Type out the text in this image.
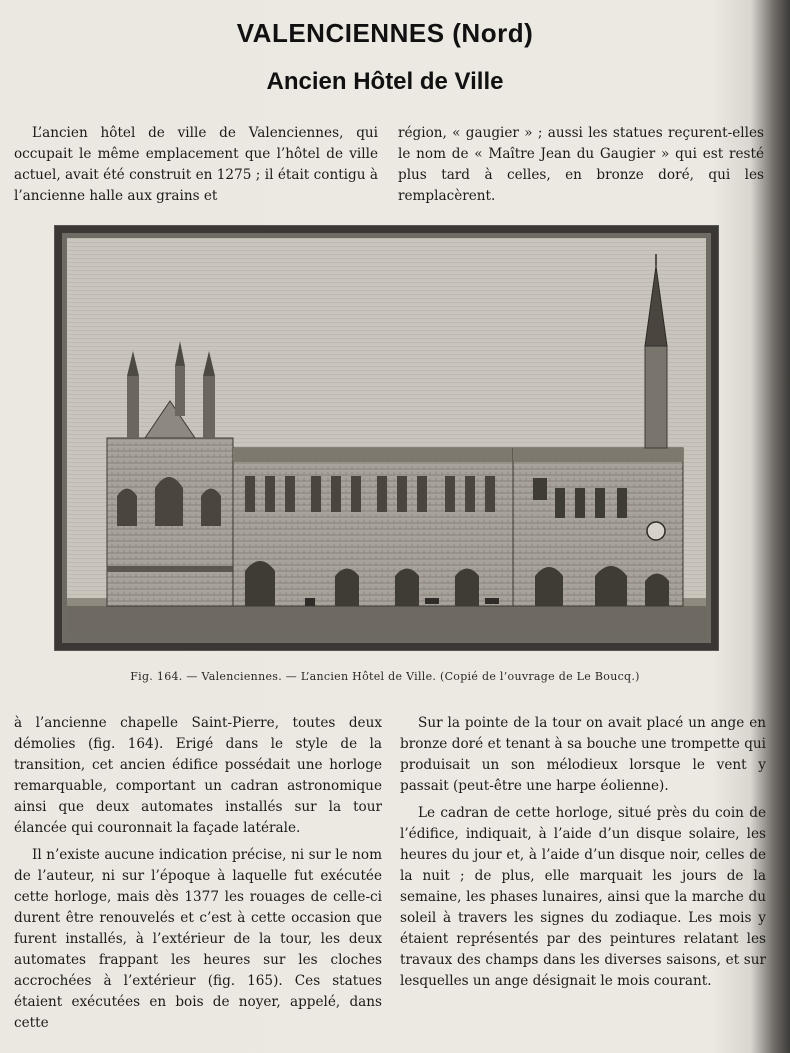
VALENCIENNES (Nord)
Ancien Hôtel de Ville

L’ancien hôtel de ville de Valenciennes, qui occupait le même emplacement que l’hôtel de ville actuel, avait été construit en 1275 ; il était contigu à l’ancienne halle aux grains et

région, « gaugier » ; aussi les statues reçurent-elles le nom de « Maître Jean du Gaugier » qui est resté plus tard à celles, en bronze doré, qui les remplacèrent.

Fig. 164. — Valenciennes. — L’ancien Hôtel de Ville. (Copié de l’ouvrage de Le Boucq.)

à l’ancienne chapelle Saint-Pierre, toutes deux démolies (fig. 164). Erigé dans le style de la transition, cet ancien édifice possédait une horloge remarquable, comportant un cadran astronomique ainsi que deux automates installés sur la tour élancée qui couronnait la façade latérale.

Il n’existe aucune indication précise, ni sur le nom de l’auteur, ni sur l’époque à laquelle fut exécutée cette horloge, mais dès 1377 les rouages de celle-ci durent être renouvelés et c’est à cette occasion que furent installés, à l’extérieur de la tour, les deux automates frappant les heures sur les cloches accrochées à l’extérieur (fig. 165). Ces statues étaient exécutées en bois de noyer, appelé, dans cette

Sur la pointe de la tour on avait placé un ange en bronze doré et tenant à sa bouche une trompette qui produisait un son mélodieux lorsque le vent y passait (peut-être une harpe éolienne).

Le cadran de cette horloge, situé près du coin de l’édifice, indiquait, à l’aide d’un disque solaire, les heures du jour et, à l’aide d’un disque noir, celles de la nuit ; de plus, elle marquait les jours de la semaine, les phases lunaires, ainsi que la marche du soleil à travers les signes du zodiaque. Les mois y étaient représentés par des peintures relatant les travaux des champs dans les diverses saisons, et sur lesquelles un ange désignait le mois courant.
